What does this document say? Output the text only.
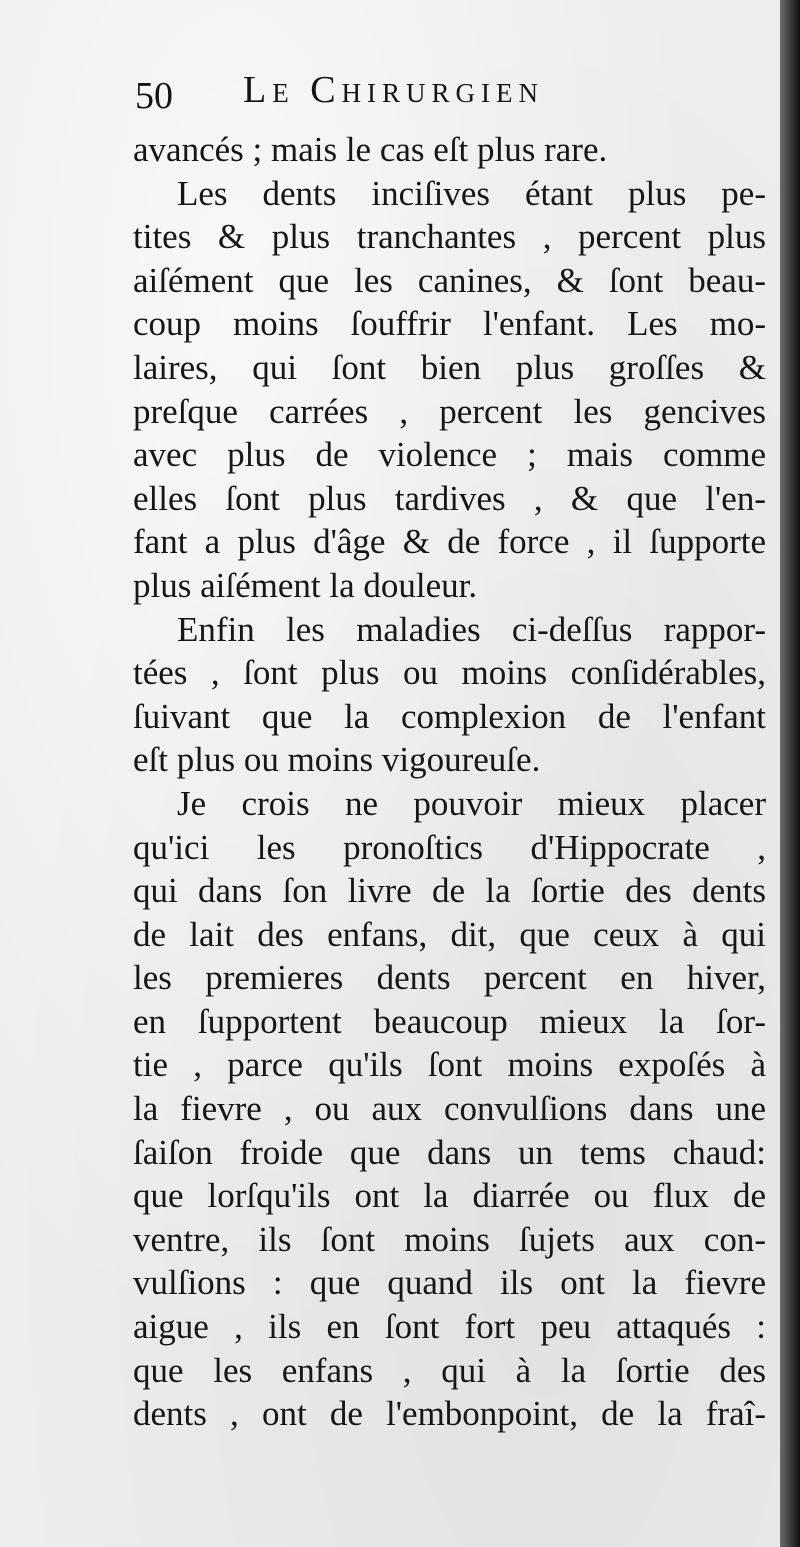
50 Le Chirurgien
avancés ; mais le cas eſt plus rare.
Les dents inciſives étant plus pe-
tites & plus tranchantes , percent plus
aiſément que les canines, & ſont beau-
coup moins ſouffrir l'enfant. Les mo-
laires, qui ſont bien plus groſſes &
preſque carrées , percent les gencives
avec plus de violence ; mais comme
elles ſont plus tardives , & que l'en-
fant a plus d'âge & de force , il ſupporte
plus aiſément la douleur.
Enfin les maladies ci-deſſus rappor-
tées , ſont plus ou moins conſidérables,
ſuivant que la complexion de l'enfant
eſt plus ou moins vigoureuſe.
Je crois ne pouvoir mieux placer
qu'ici les pronoſtics d'Hippocrate ,
qui dans ſon livre de la ſortie des dents
de lait des enfans, dit, que ceux à qui
les premieres dents percent en hiver,
en ſupportent beaucoup mieux la ſor-
tie , parce qu'ils ſont moins expoſés à
la fievre , ou aux convulſions dans une
ſaiſon froide que dans un tems chaud:
que lorſqu'ils ont la diarrée ou flux de
ventre, ils ſont moins ſujets aux con-
vulſions : que quand ils ont la fievre
aigue , ils en ſont fort peu attaqués :
que les enfans , qui à la ſortie des
dents , ont de l'embonpoint, de la fraî-
